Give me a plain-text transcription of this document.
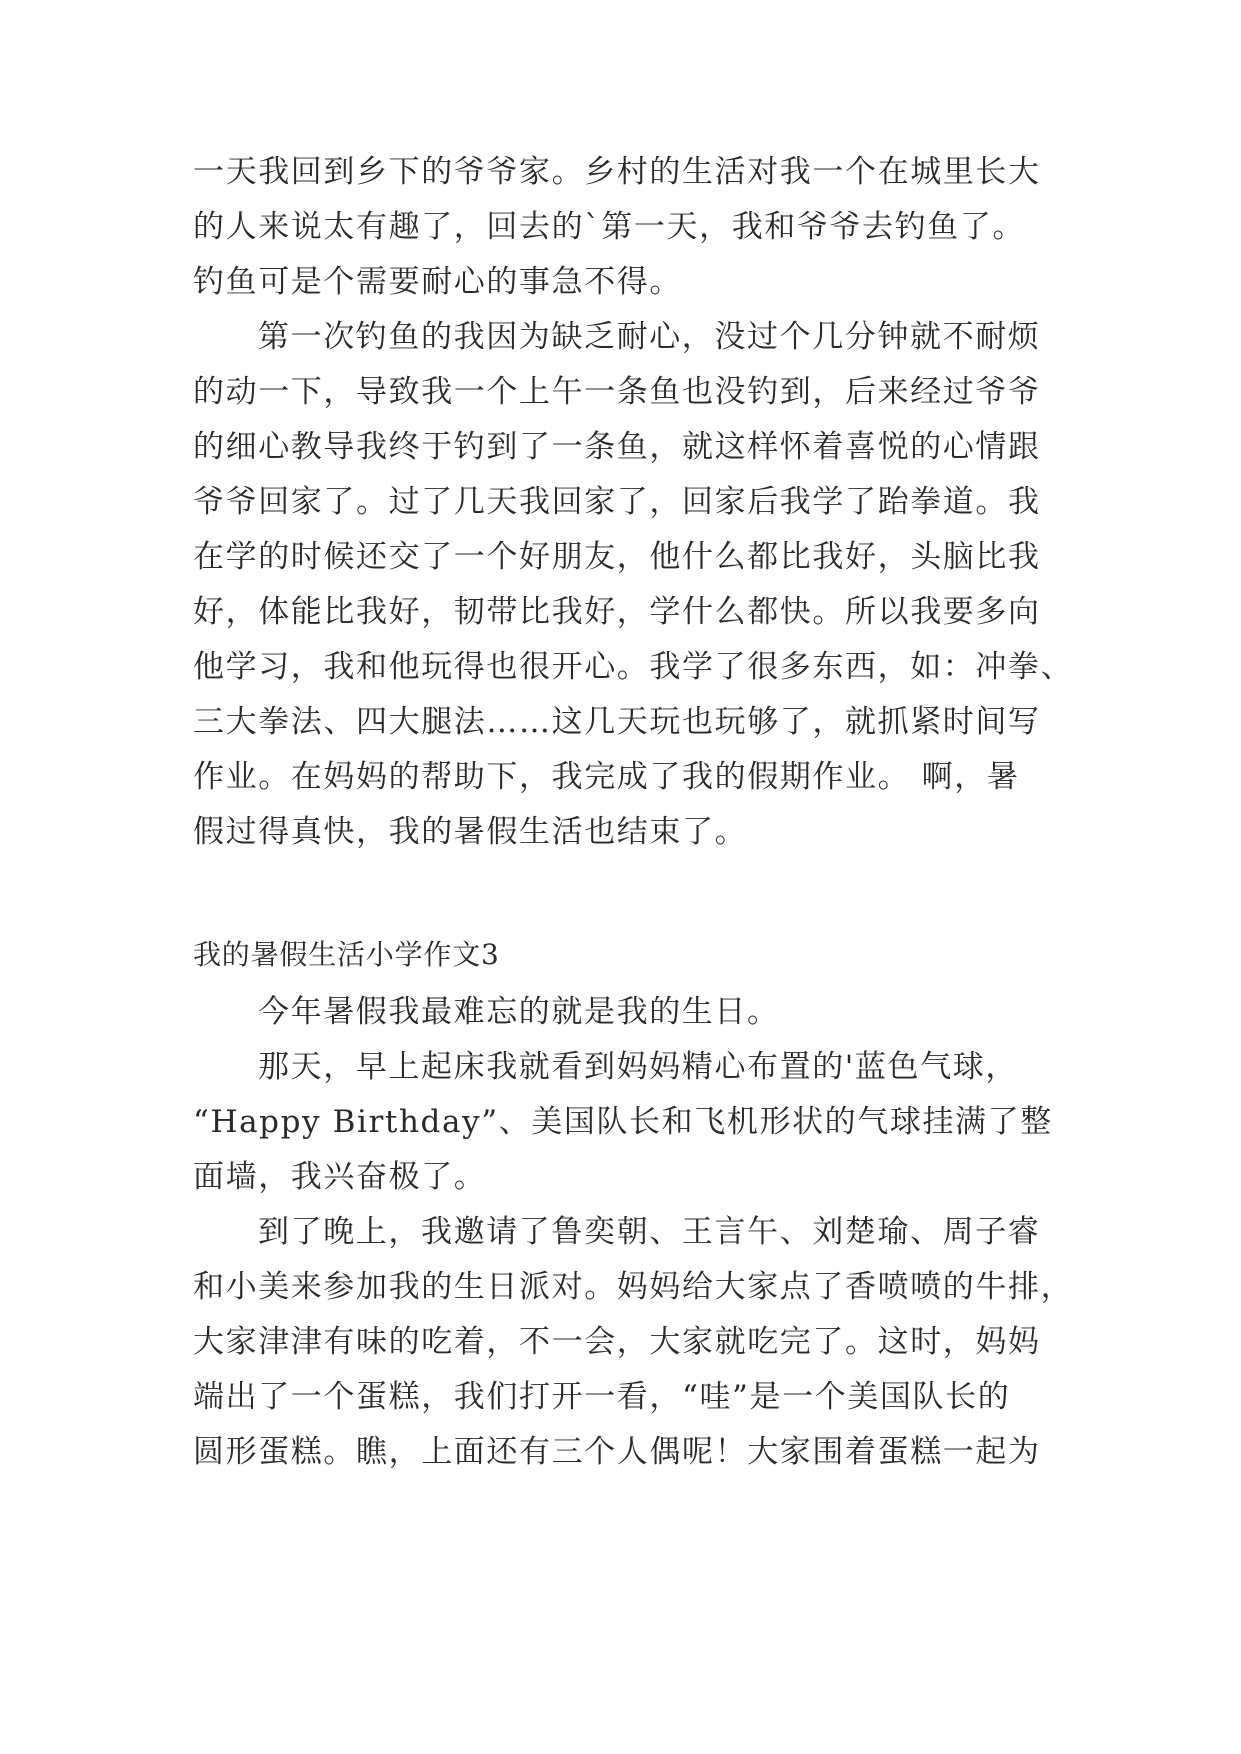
一天我回到乡下的爷爷家。乡村的生活对我一个在城里长大

的人来说太有趣了，回去的`第一天，我和爷爷去钓鱼了。

钓鱼可是个需要耐心的事急不得。

第一次钓鱼的我因为缺乏耐心，没过个几分钟就不耐烦

的动一下，导致我一个上午一条鱼也没钓到，后来经过爷爷

的细心教导我终于钓到了一条鱼，就这样怀着喜悦的心情跟

爷爷回家了。过了几天我回家了，回家后我学了跆拳道。我

在学的时候还交了一个好朋友，他什么都比我好，头脑比我

好，体能比我好，韧带比我好，学什么都快。所以我要多向

他学习，我和他玩得也很开心。我学了很多东西，如：冲拳、

三大拳法、四大腿法……这几天玩也玩够了，就抓紧时间写

作业。在妈妈的帮助下，我完成了我的假期作业。 啊，暑

假过得真快，我的暑假生活也结束了。

我的暑假生活小学作文3

今年暑假我最难忘的就是我的生日。

那天，早上起床我就看到妈妈精心布置的'蓝色气球，

“Happy Birthday”、美国队长和飞机形状的气球挂满了整

面墙，我兴奋极了。

到了晚上，我邀请了鲁奕朝、王言午、刘楚瑜、周子睿

和小美来参加我的生日派对。妈妈给大家点了香喷喷的牛排，

大家津津有味的吃着，不一会，大家就吃完了。这时，妈妈

端出了一个蛋糕，我们打开一看，“哇”是一个美国队长的

圆形蛋糕。瞧，上面还有三个人偶呢！大家围着蛋糕一起为
